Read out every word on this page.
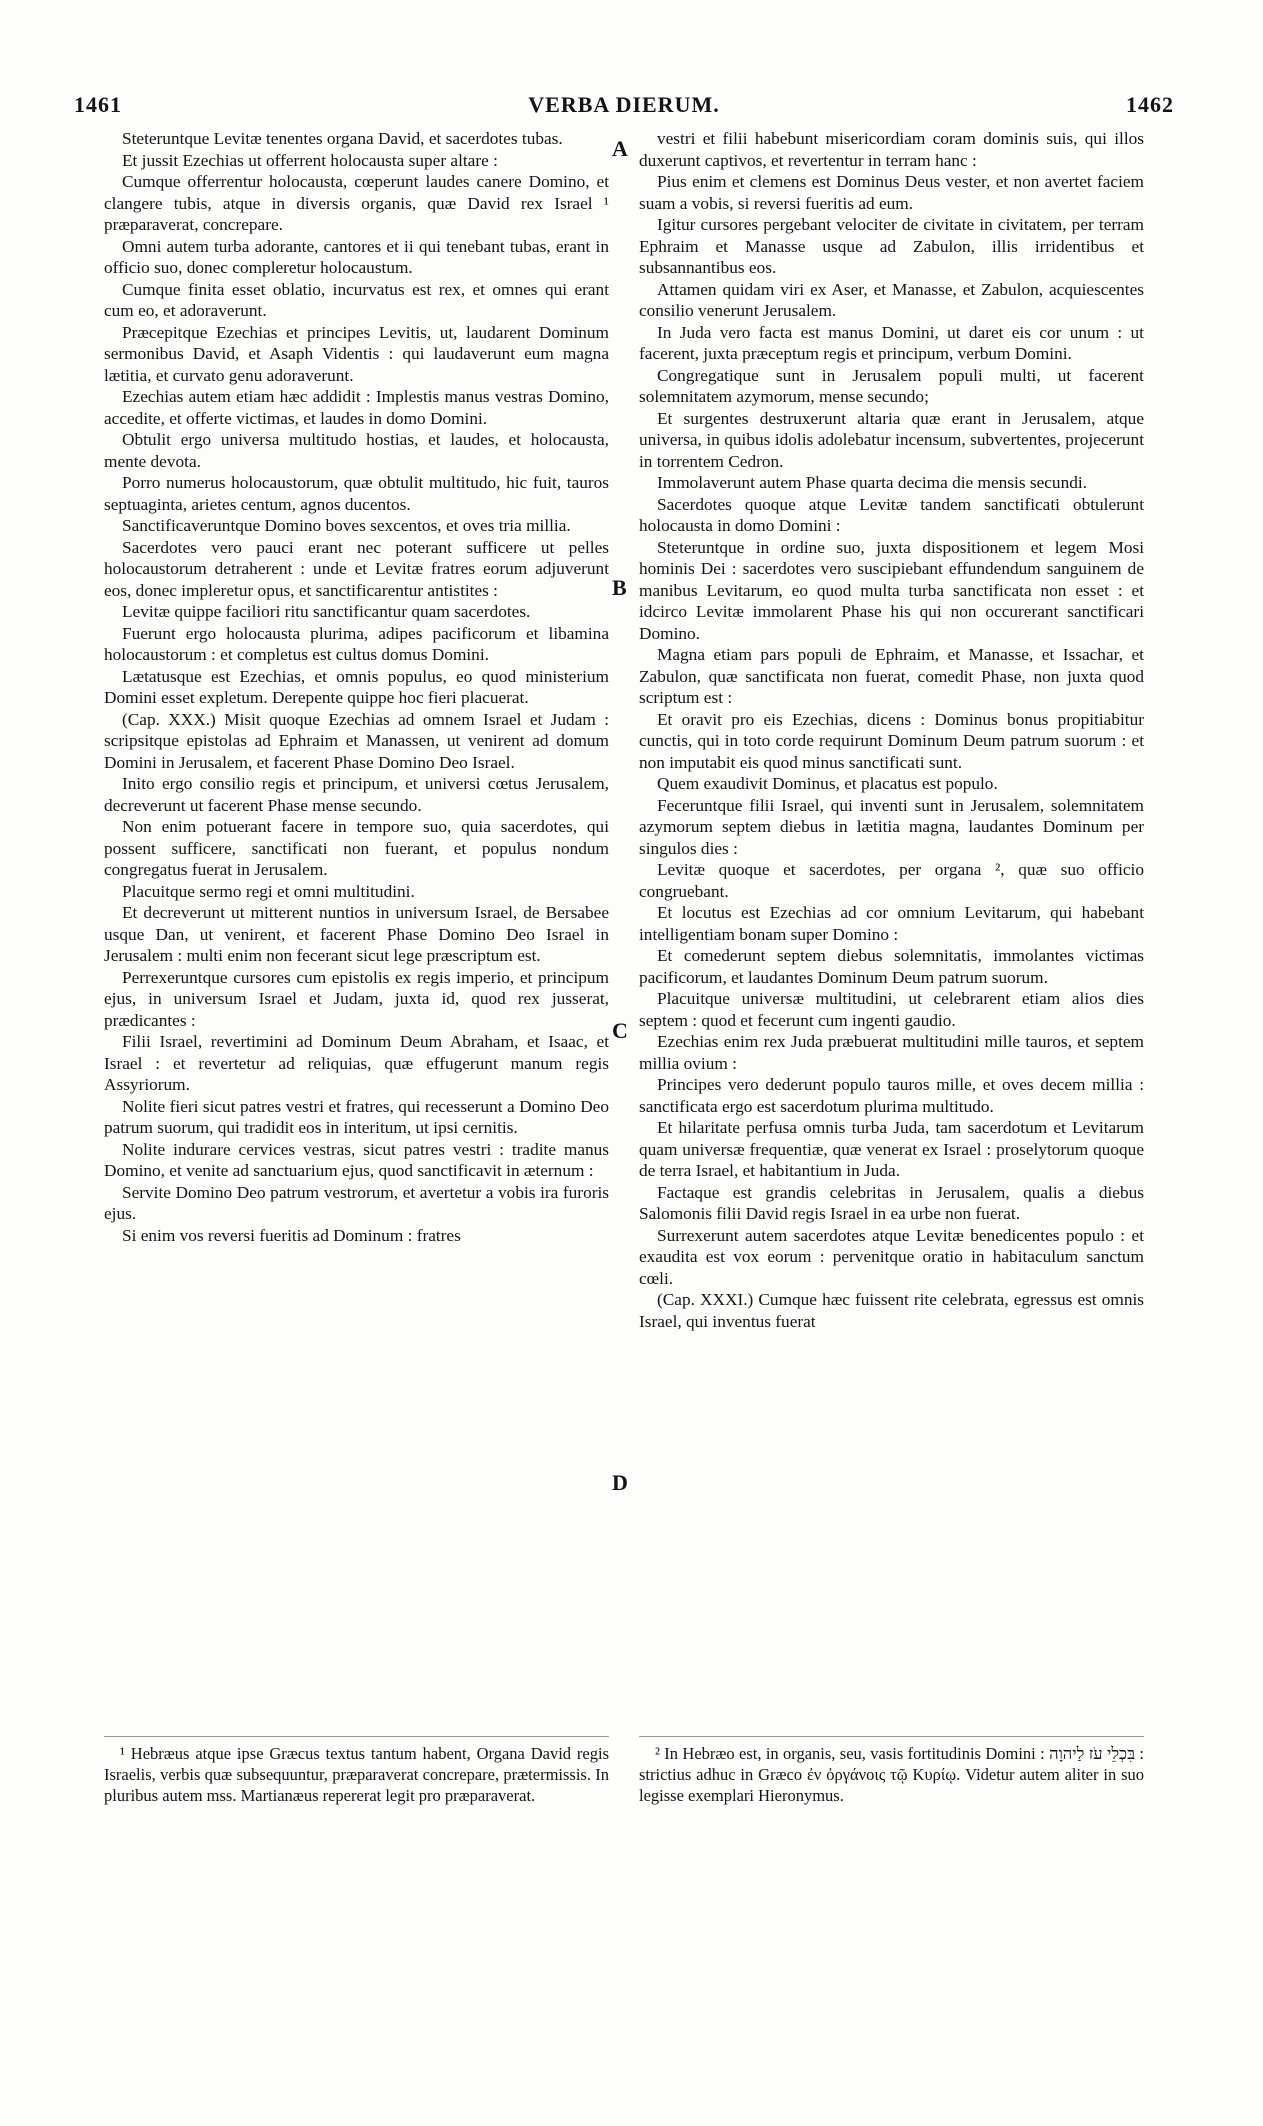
1461	VERBA DIERUM.	1462
A
B
C
D

Steteruntque Levitæ tenentes organa David, et sacerdotes tubas.

Et jussit Ezechias ut offerrent holocausta super altare :

Cumque offerrentur holocausta, cœperunt laudes canere Domino, et clangere tubis, atque in diversis organis, quæ David rex Israel ¹ præparaverat, concrepare.

Omni autem turba adorante, cantores et ii qui tenebant tubas, erant in officio suo, donec compleretur holocaustum.

Cumque finita esset oblatio, incurvatus est rex, et omnes qui erant cum eo, et adoraverunt.

Præcepitque Ezechias et principes Levitis, ut, laudarent Dominum sermonibus David, et Asaph Videntis : qui laudaverunt eum magna lætitia, et curvato genu adoraverunt.

Ezechias autem etiam hæc addidit : Implestis manus vestras Domino, accedite, et offerte victimas, et laudes in domo Domini.

Obtulit ergo universa multitudo hostias, et laudes, et holocausta, mente devota.

Porro numerus holocaustorum, quæ obtulit multitudo, hic fuit, tauros septuaginta, arietes centum, agnos ducentos.

Sanctificaveruntque Domino boves sexcentos, et oves tria millia.

Sacerdotes vero pauci erant nec poterant sufficere ut pelles holocaustorum detraherent : unde et Levitæ fratres eorum adjuverunt eos, donec impleretur opus, et sanctificarentur antistites :

Levitæ quippe faciliori ritu sanctificantur quam sacerdotes.

Fuerunt ergo holocausta plurima, adipes pacificorum et libamina holocaustorum : et completus est cultus domus Domini.

Lætatusque est Ezechias, et omnis populus, eo quod ministerium Domini esset expletum. Derepente quippe hoc fieri placuerat.

(Cap. XXX.) Misit quoque Ezechias ad omnem Israel et Judam : scripsitque epistolas ad Ephraim et Manassen, ut venirent ad domum Domini in Jerusalem, et facerent Phase Domino Deo Israel.

Inito ergo consilio regis et principum, et universi cœtus Jerusalem, decreverunt ut facerent Phase mense secundo.

Non enim potuerant facere in tempore suo, quia sacerdotes, qui possent sufficere, sanctificati non fuerant, et populus nondum congregatus fuerat in Jerusalem.

Placuitque sermo regi et omni multitudini.

Et decreverunt ut mitterent nuntios in universum Israel, de Bersabee usque Dan, ut venirent, et facerent Phase Domino Deo Israel in Jerusalem : multi enim non fecerant sicut lege præscriptum est.

Perrexeruntque cursores cum epistolis ex regis imperio, et principum ejus, in universum Israel et Judam, juxta id, quod rex jusserat, prædicantes :

Filii Israel, revertimini ad Dominum Deum Abraham, et Isaac, et Israel : et revertetur ad reliquias, quæ effugerunt manum regis Assyriorum.

Nolite fieri sicut patres vestri et fratres, qui recesserunt a Domino Deo patrum suorum, qui tradidit eos in interitum, ut ipsi cernitis.

Nolite indurare cervices vestras, sicut patres vestri : tradite manus Domino, et venite ad sanctuarium ejus, quod sanctificavit in æternum :

Servite Domino Deo patrum vestrorum, et avertetur a vobis ira furoris ejus.

Si enim vos reversi fueritis ad Dominum : fratres

vestri et filii habebunt misericordiam coram dominis suis, qui illos duxerunt captivos, et revertentur in terram hanc :

Pius enim et clemens est Dominus Deus vester, et non avertet faciem suam a vobis, si reversi fueritis ad eum.

Igitur cursores pergebant velociter de civitate in civitatem, per terram Ephraim et Manasse usque ad Zabulon, illis irridentibus et subsannantibus eos.

Attamen quidam viri ex Aser, et Manasse, et Zabulon, acquiescentes consilio venerunt Jerusalem.

In Juda vero facta est manus Domini, ut daret eis cor unum : ut facerent, juxta præceptum regis et principum, verbum Domini.

Congregatique sunt in Jerusalem populi multi, ut facerent solemnitatem azymorum, mense secundo;

Et surgentes destruxerunt altaria quæ erant in Jerusalem, atque universa, in quibus idolis adolebatur incensum, subvertentes, projecerunt in torrentem Cedron.

Immolaverunt autem Phase quarta decima die mensis secundi.

Sacerdotes quoque atque Levitæ tandem sanctificati obtulerunt holocausta in domo Domini :

Steteruntque in ordine suo, juxta dispositionem et legem Mosi hominis Dei : sacerdotes vero suscipiebant effundendum sanguinem de manibus Levitarum, eo quod multa turba sanctificata non esset : et idcirco Levitæ immolarent Phase his qui non occurerant sanctificari Domino.

Magna etiam pars populi de Ephraim, et Manasse, et Issachar, et Zabulon, quæ sanctificata non fuerat, comedit Phase, non juxta quod scriptum est :

Et oravit pro eis Ezechias, dicens : Dominus bonus propitiabitur cunctis, qui in toto corde requirunt Dominum Deum patrum suorum : et non imputabit eis quod minus sanctificati sunt.

Quem exaudivit Dominus, et placatus est populo.

Feceruntque filii Israel, qui inventi sunt in Jerusalem, solemnitatem azymorum septem diebus in lætitia magna, laudantes Dominum per singulos dies :

Levitæ quoque et sacerdotes, per organa ², quæ suo officio congruebant.

Et locutus est Ezechias ad cor omnium Levitarum, qui habebant intelligentiam bonam super Domino :

Et comederunt septem diebus solemnitatis, immolantes victimas pacificorum, et laudantes Dominum Deum patrum suorum.

Placuitque universæ multitudini, ut celebrarent etiam alios dies septem : quod et fecerunt cum ingenti gaudio.

Ezechias enim rex Juda præbuerat multitudini mille tauros, et septem millia ovium :

Principes vero dederunt populo tauros mille, et oves decem millia : sanctificata ergo est sacerdotum plurima multitudo.

Et hilaritate perfusa omnis turba Juda, tam sacerdotum et Levitarum quam universæ frequentiæ, quæ venerat ex Israel : proselytorum quoque de terra Israel, et habitantium in Juda.

Factaque est grandis celebritas in Jerusalem, qualis a diebus Salomonis filii David regis Israel in ea urbe non fuerat.

Surrexerunt autem sacerdotes atque Levitæ benedicentes populo : et exaudita est vox eorum : pervenitque oratio in habitaculum sanctum cœli.

(Cap. XXXI.) Cumque hæc fuissent rite celebrata, egressus est omnis Israel, qui inventus fuerat

¹ Hebræus atque ipse Græcus textus tantum habent, Organa David regis Israelis, verbis quæ subsequuntur, præparaverat concrepare, prætermissis. In pluribus autem mss. Martianæus repererat legit pro præparaverat.

² In Hebræo est, in organis, seu, vasis fortitudinis Domini : בִּכְלֵי עֹז לַיהוָה : strictius adhuc in Græco ἐν ὀργάνοις τῷ Κυρίῳ. Videtur autem aliter in suo legisse exemplari Hieronymus.
